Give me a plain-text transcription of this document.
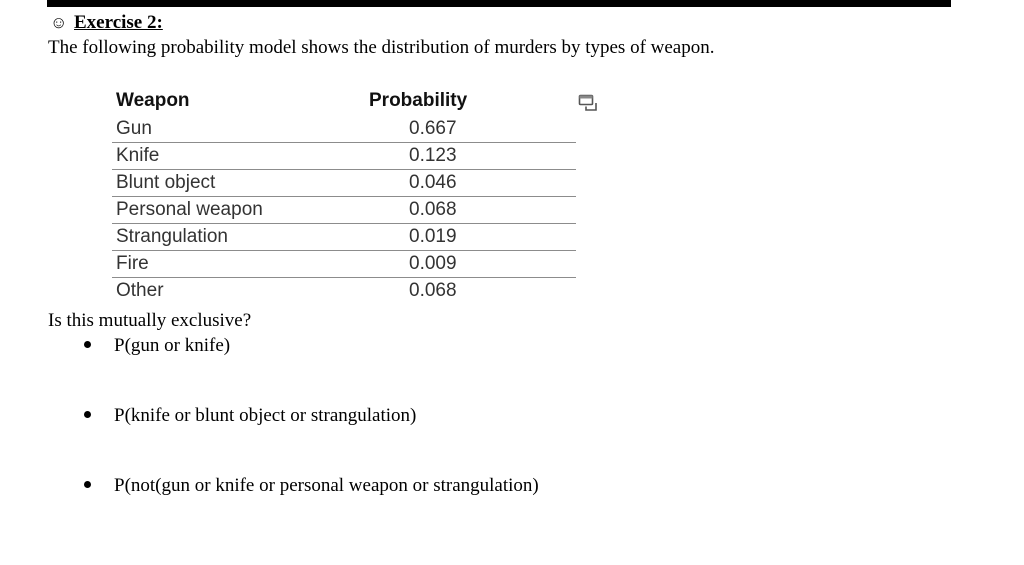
☺ Exercise 2:
The following probability model shows the distribution of murders by types of weapon.
Weapon	Probability
Gun	0.667
Knife	0.123
Blunt object	0.046
Personal weapon	0.068
Strangulation	0.019
Fire	0.009
Other	0.068
Is this mutually exclusive?
P(gun or knife)
P(knife or blunt object or strangulation)
P(not(gun or knife or personal weapon or strangulation)
